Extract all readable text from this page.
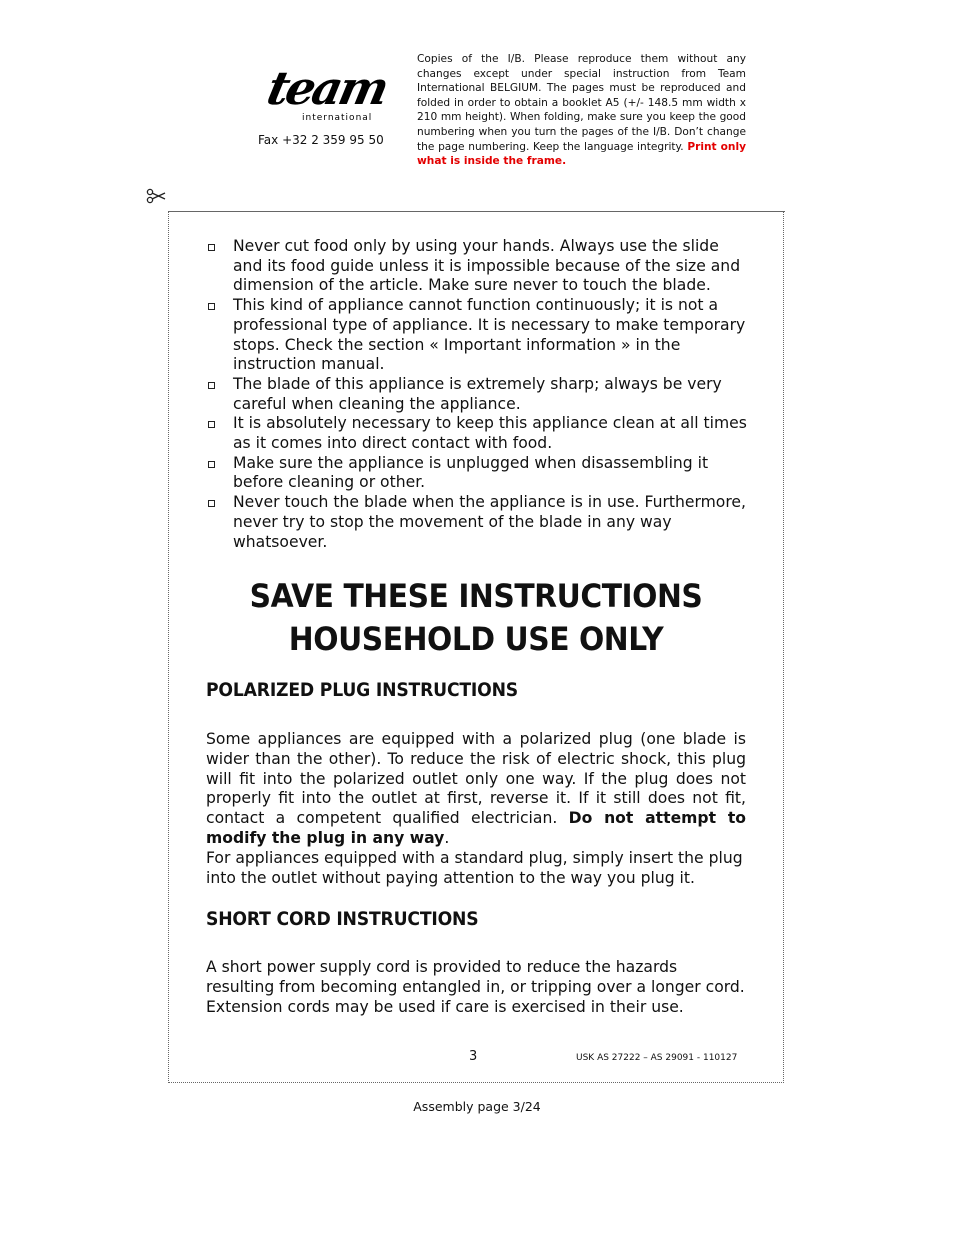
team
international
Fax +32 2 359 95 50
Copies of the I/B. Please reproduce them without any changes except under special instruction from Team International BELGIUM. The pages must be reproduced and folded in order to obtain a booklet A5 (+/- 148.5 mm width x 210 mm height). When folding, make sure you keep the good numbering when you turn the pages of the I/B. Don’t change the page numbering. Keep the language integrity. Print only what is inside the frame.
Never cut food only by using your hands. Always use the slide and its food guide unless it is impossible because of the size and dimension of the article. Make sure never to touch the blade.
This kind of appliance cannot function continuously; it is not a professional type of appliance. It is necessary to make temporary stops. Check the section « Important information » in the instruction manual.
The blade of this appliance is extremely sharp; always be very careful when cleaning the appliance.
It is absolutely necessary to keep this appliance clean at all times as it comes into direct contact with food.
Make sure the appliance is unplugged when disassembling it before cleaning or other.
Never touch the blade when the appliance is in use. Furthermore, never try to stop the movement of the blade in any way whatsoever.
SAVE THESE INSTRUCTIONS
HOUSEHOLD USE ONLY
POLARIZED PLUG INSTRUCTIONS
Some appliances are equipped with a polarized plug (one blade is wider than the other). To reduce the risk of electric shock, this plug will fit into the polarized outlet only one way. If the plug does not properly fit into the outlet at first, reverse it. If it still does not fit, contact a competent qualified electrician. Do not attempt to modify the plug in any way.
For appliances equipped with a standard plug, simply insert the plug into the outlet without paying attention to the way you plug it.
SHORT CORD INSTRUCTIONS
A short power supply cord is provided to reduce the hazards resulting from becoming entangled in, or tripping over a longer cord. Extension cords may be used if care is exercised in their use.
3	USK AS 27222 – AS 29091 - 110127
Assembly page 3/24
